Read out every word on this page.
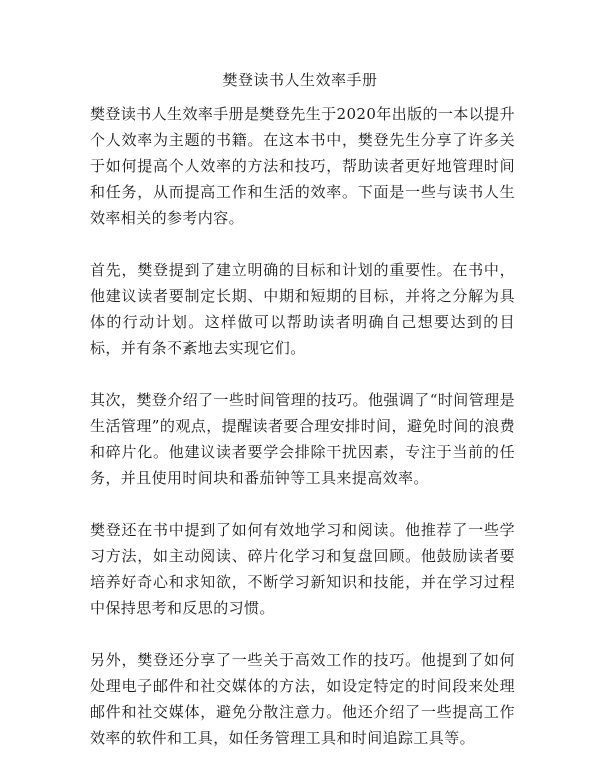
樊登读书人生效率手册

樊登读书人生效率手册是樊登先生于2020年出版的一本以提升个人效率为主题的书籍。在这本书中，樊登先生分享了许多关于如何提高个人效率的方法和技巧，帮助读者更好地管理时间和任务，从而提高工作和生活的效率。下面是一些与读书人生效率相关的参考内容。

首先，樊登提到了建立明确的目标和计划的重要性。在书中，他建议读者要制定长期、中期和短期的目标，并将之分解为具体的行动计划。这样做可以帮助读者明确自己想要达到的目标，并有条不紊地去实现它们。

其次，樊登介绍了一些时间管理的技巧。他强调了“时间管理是生活管理”的观点，提醒读者要合理安排时间，避免时间的浪费和碎片化。他建议读者要学会排除干扰因素，专注于当前的任务，并且使用时间块和番茄钟等工具来提高效率。

樊登还在书中提到了如何有效地学习和阅读。他推荐了一些学习方法，如主动阅读、碎片化学习和复盘回顾。他鼓励读者要培养好奇心和求知欲，不断学习新知识和技能，并在学习过程中保持思考和反思的习惯。

另外，樊登还分享了一些关于高效工作的技巧。他提到了如何处理电子邮件和社交媒体的方法，如设定特定的时间段来处理邮件和社交媒体，避免分散注意力。他还介绍了一些提高工作效率的软件和工具，如任务管理工具和时间追踪工具等。
